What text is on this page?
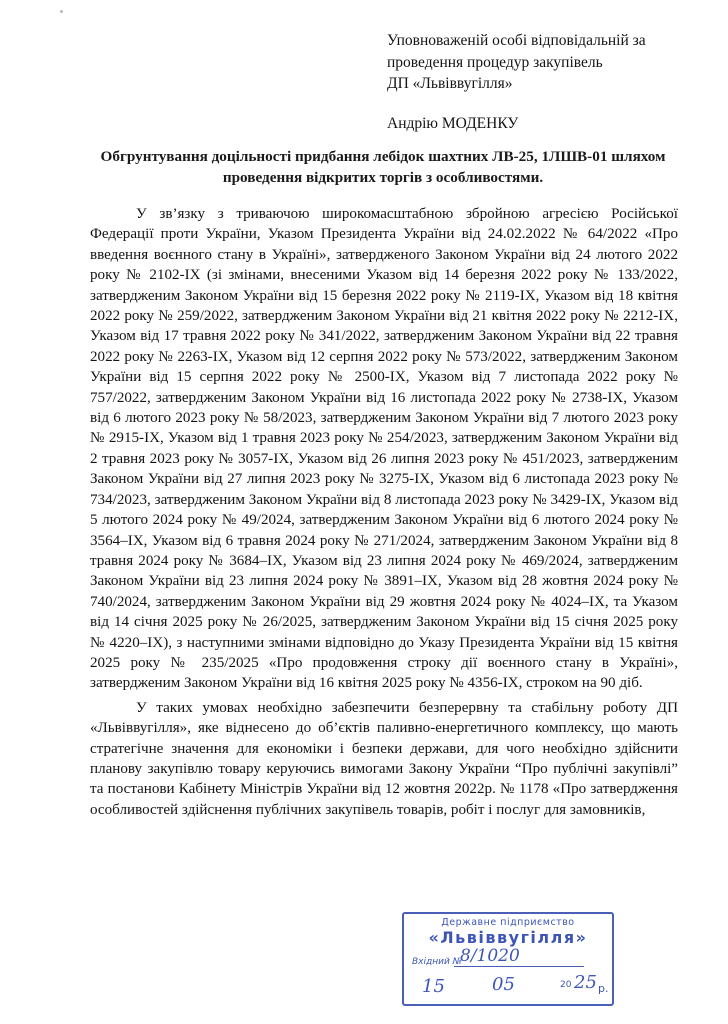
Уповноваженій особі відповідальній за
проведення процедур закупівель
ДП «Львіввугілля»
Андрію МОДЕНКУ
Обгрунтування доцільності придбання лебідок шахтних ЛВ-25, 1ЛШВ-01 шляхом проведення відкритих торгів з особливостями.

У зв’язку з триваючою широкомасштабною збройною агресією Російської Федерації проти України, Указом Президента України від 24.02.2022 № 64/2022 «Про введення воєнного стану в Україні», затвердженого Законом України від 24 лютого 2022 року № 2102-IX (зі змінами, внесеними Указом від 14 березня 2022 року № 133/2022, затвердженим Законом України від 15 березня 2022 року № 2119-IX, Указом від 18 квітня 2022 року № 259/2022, затвердженим Законом України від 21 квітня 2022 року № 2212-IX, Указом від 17 травня 2022 року № 341/2022, затвердженим Законом України від 22 травня 2022 року № 2263-IX, Указом від 12 серпня 2022 року № 573/2022, затвердженим Законом України від 15 серпня 2022 року № 2500-IX, Указом від 7 листопада 2022 року № 757/2022, затвердженим Законом України від 16 листопада 2022 року № 2738-IX, Указом від 6 лютого 2023 року № 58/2023, затвердженим Законом України від 7 лютого 2023 року № 2915-IX, Указом від 1 травня 2023 року № 254/2023, затвердженим Законом України від 2 травня 2023 року № 3057-IX, Указом від 26 липня 2023 року № 451/2023, затвердженим Законом України від 27 липня 2023 року № 3275-IX, Указом від 6 листопада 2023 року № 734/2023, затвердженим Законом України від 8 листопада 2023 року № 3429-IX, Указом від 5 лютого 2024 року № 49/2024, затвердженим Законом України від 6 лютого 2024 року № 3564–IX, Указом від 6 травня 2024 року № 271/2024, затвердженим Законом України від 8 травня 2024 року № 3684–IX, Указом від 23 липня 2024 року № 469/2024, затвердженим Законом України від 23 липня 2024 року № 3891–IX, Указом від 28 жовтня 2024 року № 740/2024, затвердженим Законом України від 29 жовтня 2024 року № 4024–IX, та Указом від 14 січня 2025 року № 26/2025, затвердженим Законом України від 15 січня 2025 року № 4220–IX), з наступними змінами відповідно до Указу Президента України від 15 квітня 2025 року № 235/2025 «Про продовження строку дії воєнного стану в Україні», затвердженим Законом України від 16 квітня 2025 року № 4356-IX, строком на 90 діб.

У таких умовах необхідно забезпечити безперервну та стабільну роботу ДП «Львіввугілля», яке віднесено до об’єктів паливно-енергетичного комплексу, що мають стратегічне значення для економіки і безпеки держави, для чого необхідно здійснити планову закупівлю товару керуючись вимогами Закону України “Про публічні закупівлі” та постанови Кабінету Міністрів України від 12 жовтня 2022р. № 1178 «Про затвердження особливостей здійснення публічних закупівель товарів, робіт і послуг для замовників,

Державне підприємство
«Львіввугілля»
Вхідний №
8/1020
15	05	20 25 р.
